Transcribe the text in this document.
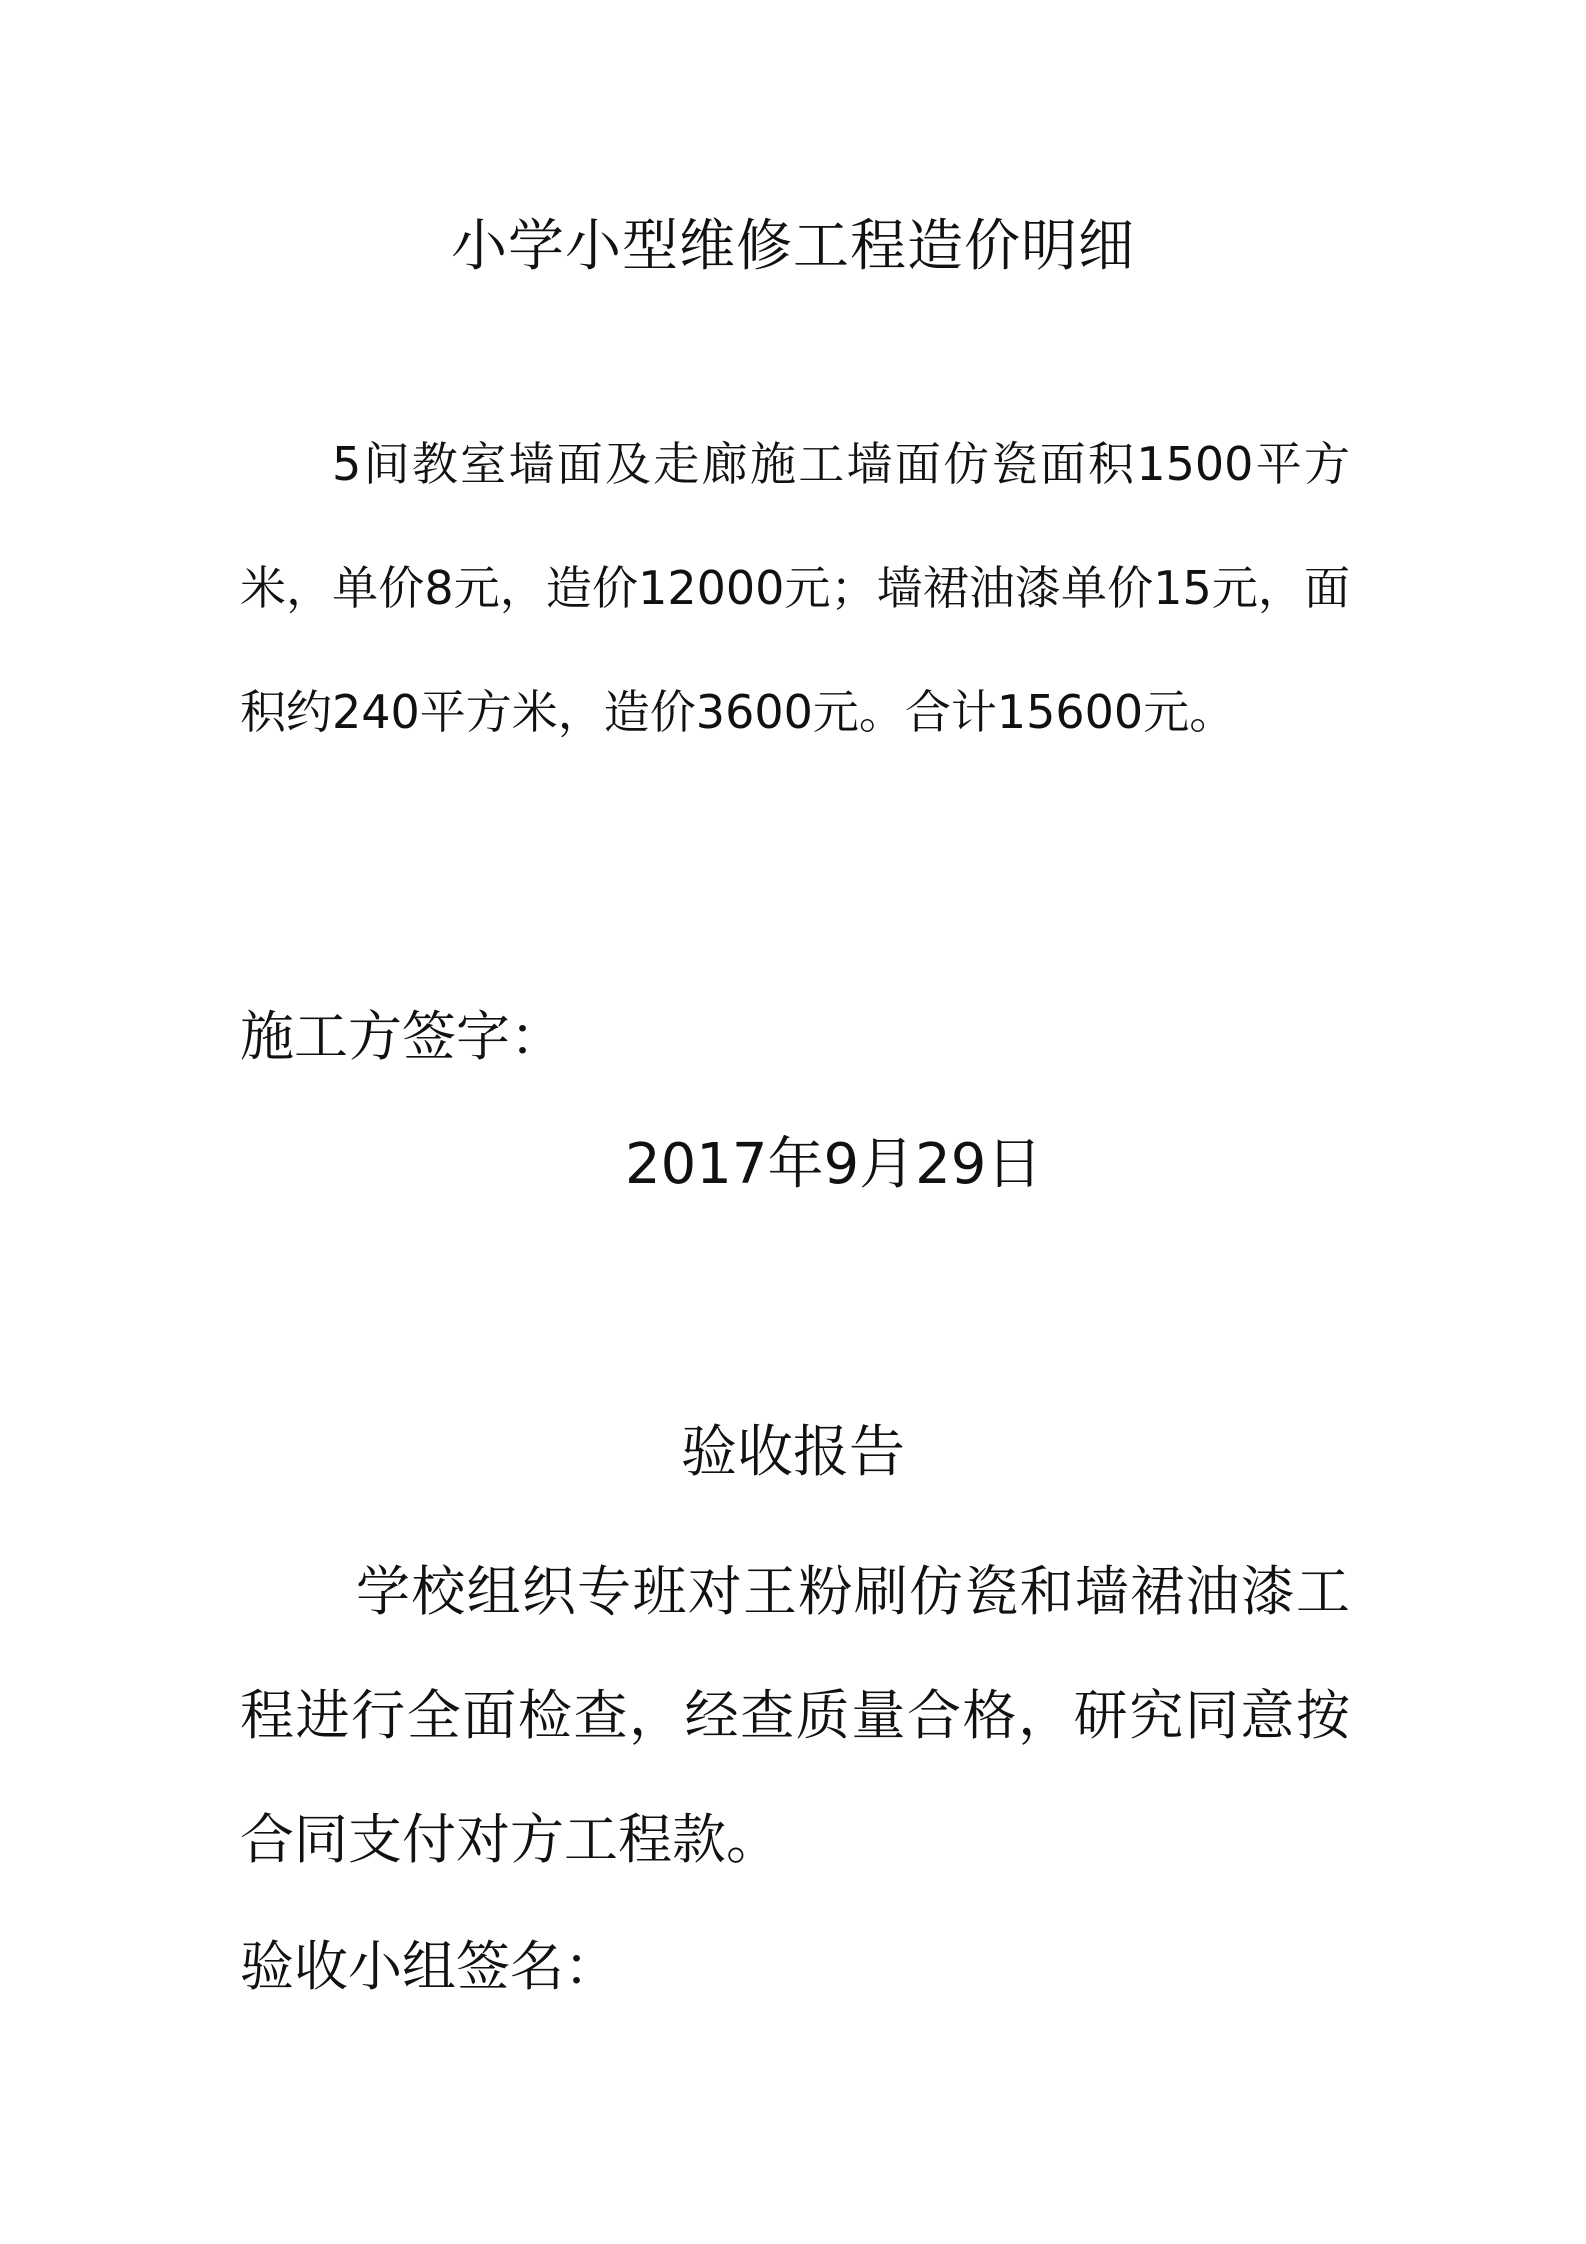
小学小型维修工程造价明细

5间教室墙面及走廊施工墙面仿瓷面积1500平方米，单价8元，造价12000元；墙裙油漆单价15元，面积约240平方米，造价3600元。合计15600元。

施工方签字：

2017年9月29日

验收报告

学校组织专班对王粉刷仿瓷和墙裙油漆工程进行全面检查，经查质量合格，研究同意按合同支付对方工程款。

验收小组签名：
